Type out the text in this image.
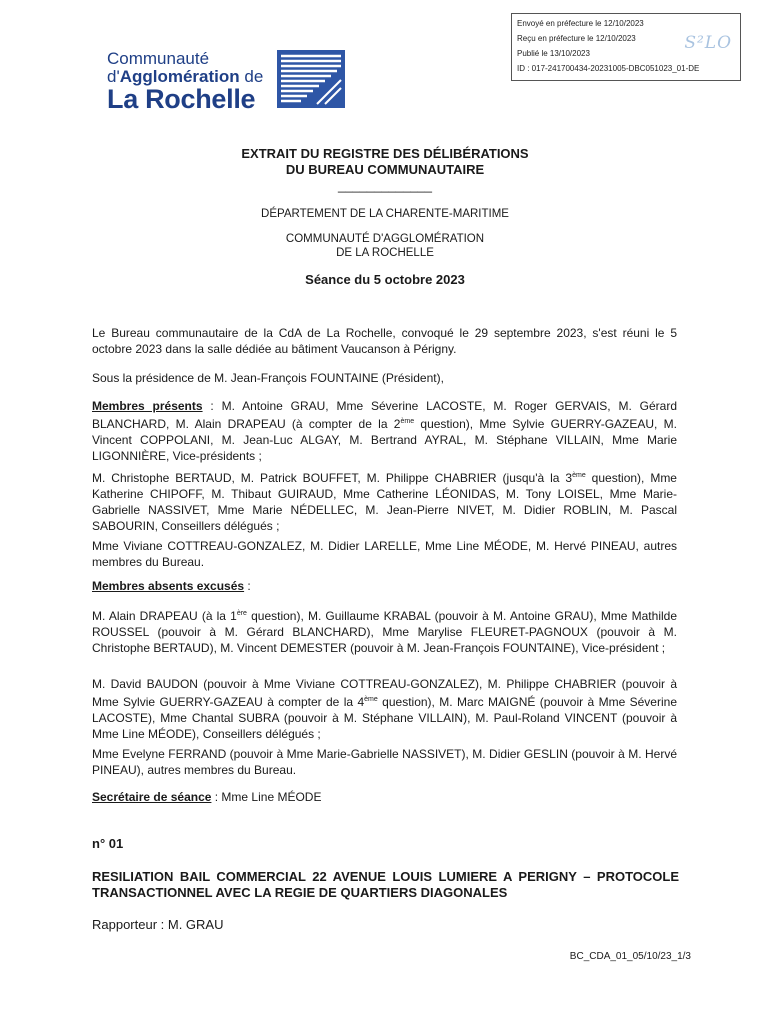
Envoyé en préfecture le 12/10/2023
Reçu en préfecture le 12/10/2023
Publié le 13/10/2023
ID : 017-241700434-20231005-DBC051023_01-DE
S²LO
Communauté
d'Agglomération de
La Rochelle
EXTRAIT DU REGISTRE DES DÉLIBÉRATIONS
DU BUREAU COMMUNAUTAIRE
_____________
DÉPARTEMENT DE LA CHARENTE-MARITIME
COMMUNAUTÉ D'AGGLOMÉRATION
DE LA ROCHELLE
Séance du 5 octobre 2023
Le Bureau communautaire de la CdA de La Rochelle, convoqué le 29 septembre 2023, s'est réuni le 5 octobre 2023 dans la salle dédiée au bâtiment Vaucanson à Périgny.
Sous la présidence de M. Jean-François FOUNTAINE (Président),
Membres présents : M. Antoine GRAU, Mme Séverine LACOSTE, M. Roger GERVAIS, M. Gérard BLANCHARD, M. Alain DRAPEAU (à compter de la 2ème question), Mme Sylvie GUERRY-GAZEAU, M. Vincent COPPOLANI, M. Jean-Luc ALGAY, M. Bertrand AYRAL, M. Stéphane VILLAIN, Mme Marie LIGONNIÈRE, Vice-présidents ;
M. Christophe BERTAUD, M. Patrick BOUFFET, M. Philippe CHABRIER (jusqu'à la 3ème question), Mme Katherine CHIPOFF, M. Thibaut GUIRAUD, Mme Catherine LÉONIDAS, M. Tony LOISEL, Mme Marie-Gabrielle NASSIVET, Mme Marie NÉDELLEC, M. Jean-Pierre NIVET, M. Didier ROBLIN, M. Pascal SABOURIN, Conseillers délégués ;
Mme Viviane COTTREAU-GONZALEZ, M. Didier LARELLE, Mme Line MÉODE, M. Hervé PINEAU, autres membres du Bureau.
Membres absents excusés :
M. Alain DRAPEAU (à la 1ère question), M. Guillaume KRABAL (pouvoir à M. Antoine GRAU), Mme Mathilde ROUSSEL (pouvoir à M. Gérard BLANCHARD), Mme Marylise FLEURET-PAGNOUX (pouvoir à M. Christophe BERTAUD), M. Vincent DEMESTER (pouvoir à M. Jean-François FOUNTAINE), Vice-président ;
M. David BAUDON (pouvoir à Mme Viviane COTTREAU-GONZALEZ), M. Philippe CHABRIER (pouvoir à Mme Sylvie GUERRY-GAZEAU à compter de la 4ème question), M. Marc MAIGNÉ (pouvoir à Mme Séverine LACOSTE), Mme Chantal SUBRA (pouvoir à M. Stéphane VILLAIN), M. Paul-Roland VINCENT (pouvoir à Mme Line MÉODE), Conseillers délégués ;
Mme Evelyne FERRAND (pouvoir à Mme Marie-Gabrielle NASSIVET), M. Didier GESLIN (pouvoir à M. Hervé PINEAU), autres membres du Bureau.
Secrétaire de séance : Mme Line MÉODE
n° 01
RESILIATION BAIL COMMERCIAL 22 AVENUE LOUIS LUMIERE A PERIGNY – PROTOCOLE TRANSACTIONNEL AVEC LA REGIE DE QUARTIERS DIAGONALES
Rapporteur : M. GRAU
BC_CDA_01_05/10/23_1/3
